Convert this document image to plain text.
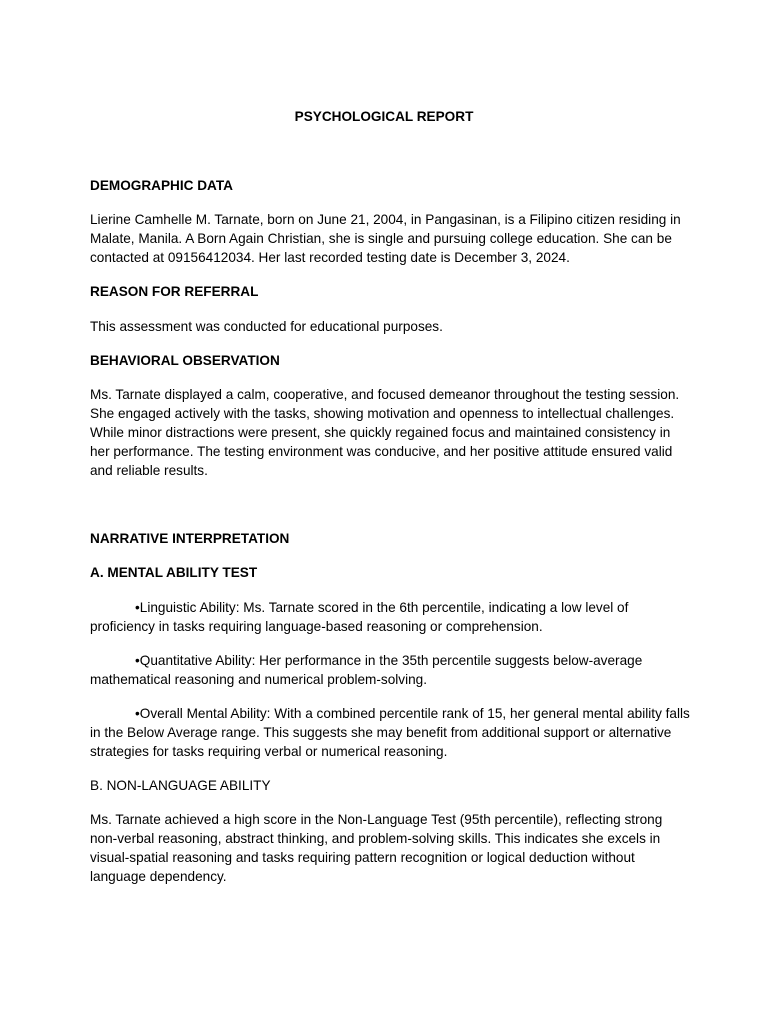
PSYCHOLOGICAL REPORT
DEMOGRAPHIC DATA

Lierine Camhelle M. Tarnate, born on June 21, 2004, in Pangasinan, is a Filipino citizen residing in Malate, Manila. A Born Again Christian, she is single and pursuing college education. She can be contacted at 09156412034. Her last recorded testing date is December 3, 2024.

REASON FOR REFERRAL

This assessment was conducted for educational purposes.

BEHAVIORAL OBSERVATION

Ms. Tarnate displayed a calm, cooperative, and focused demeanor throughout the testing session. She engaged actively with the tasks, showing motivation and openness to intellectual challenges. While minor distractions were present, she quickly regained focus and maintained consistency in her performance. The testing environment was conducive, and her positive attitude ensured valid and reliable results.

NARRATIVE INTERPRETATION
A. MENTAL ABILITY TEST

•Linguistic Ability: Ms. Tarnate scored in the 6th percentile, indicating a low level of proficiency in tasks requiring language-based reasoning or comprehension.

•Quantitative Ability: Her performance in the 35th percentile suggests below-average mathematical reasoning and numerical problem-solving.

•Overall Mental Ability: With a combined percentile rank of 15, her general mental ability falls in the Below Average range. This suggests she may benefit from additional support or alternative strategies for tasks requiring verbal or numerical reasoning.

B. NON-LANGUAGE ABILITY

Ms. Tarnate achieved a high score in the Non-Language Test (95th percentile), reflecting strong non-verbal reasoning, abstract thinking, and problem-solving skills. This indicates she excels in visual-spatial reasoning and tasks requiring pattern recognition or logical deduction without language dependency.
